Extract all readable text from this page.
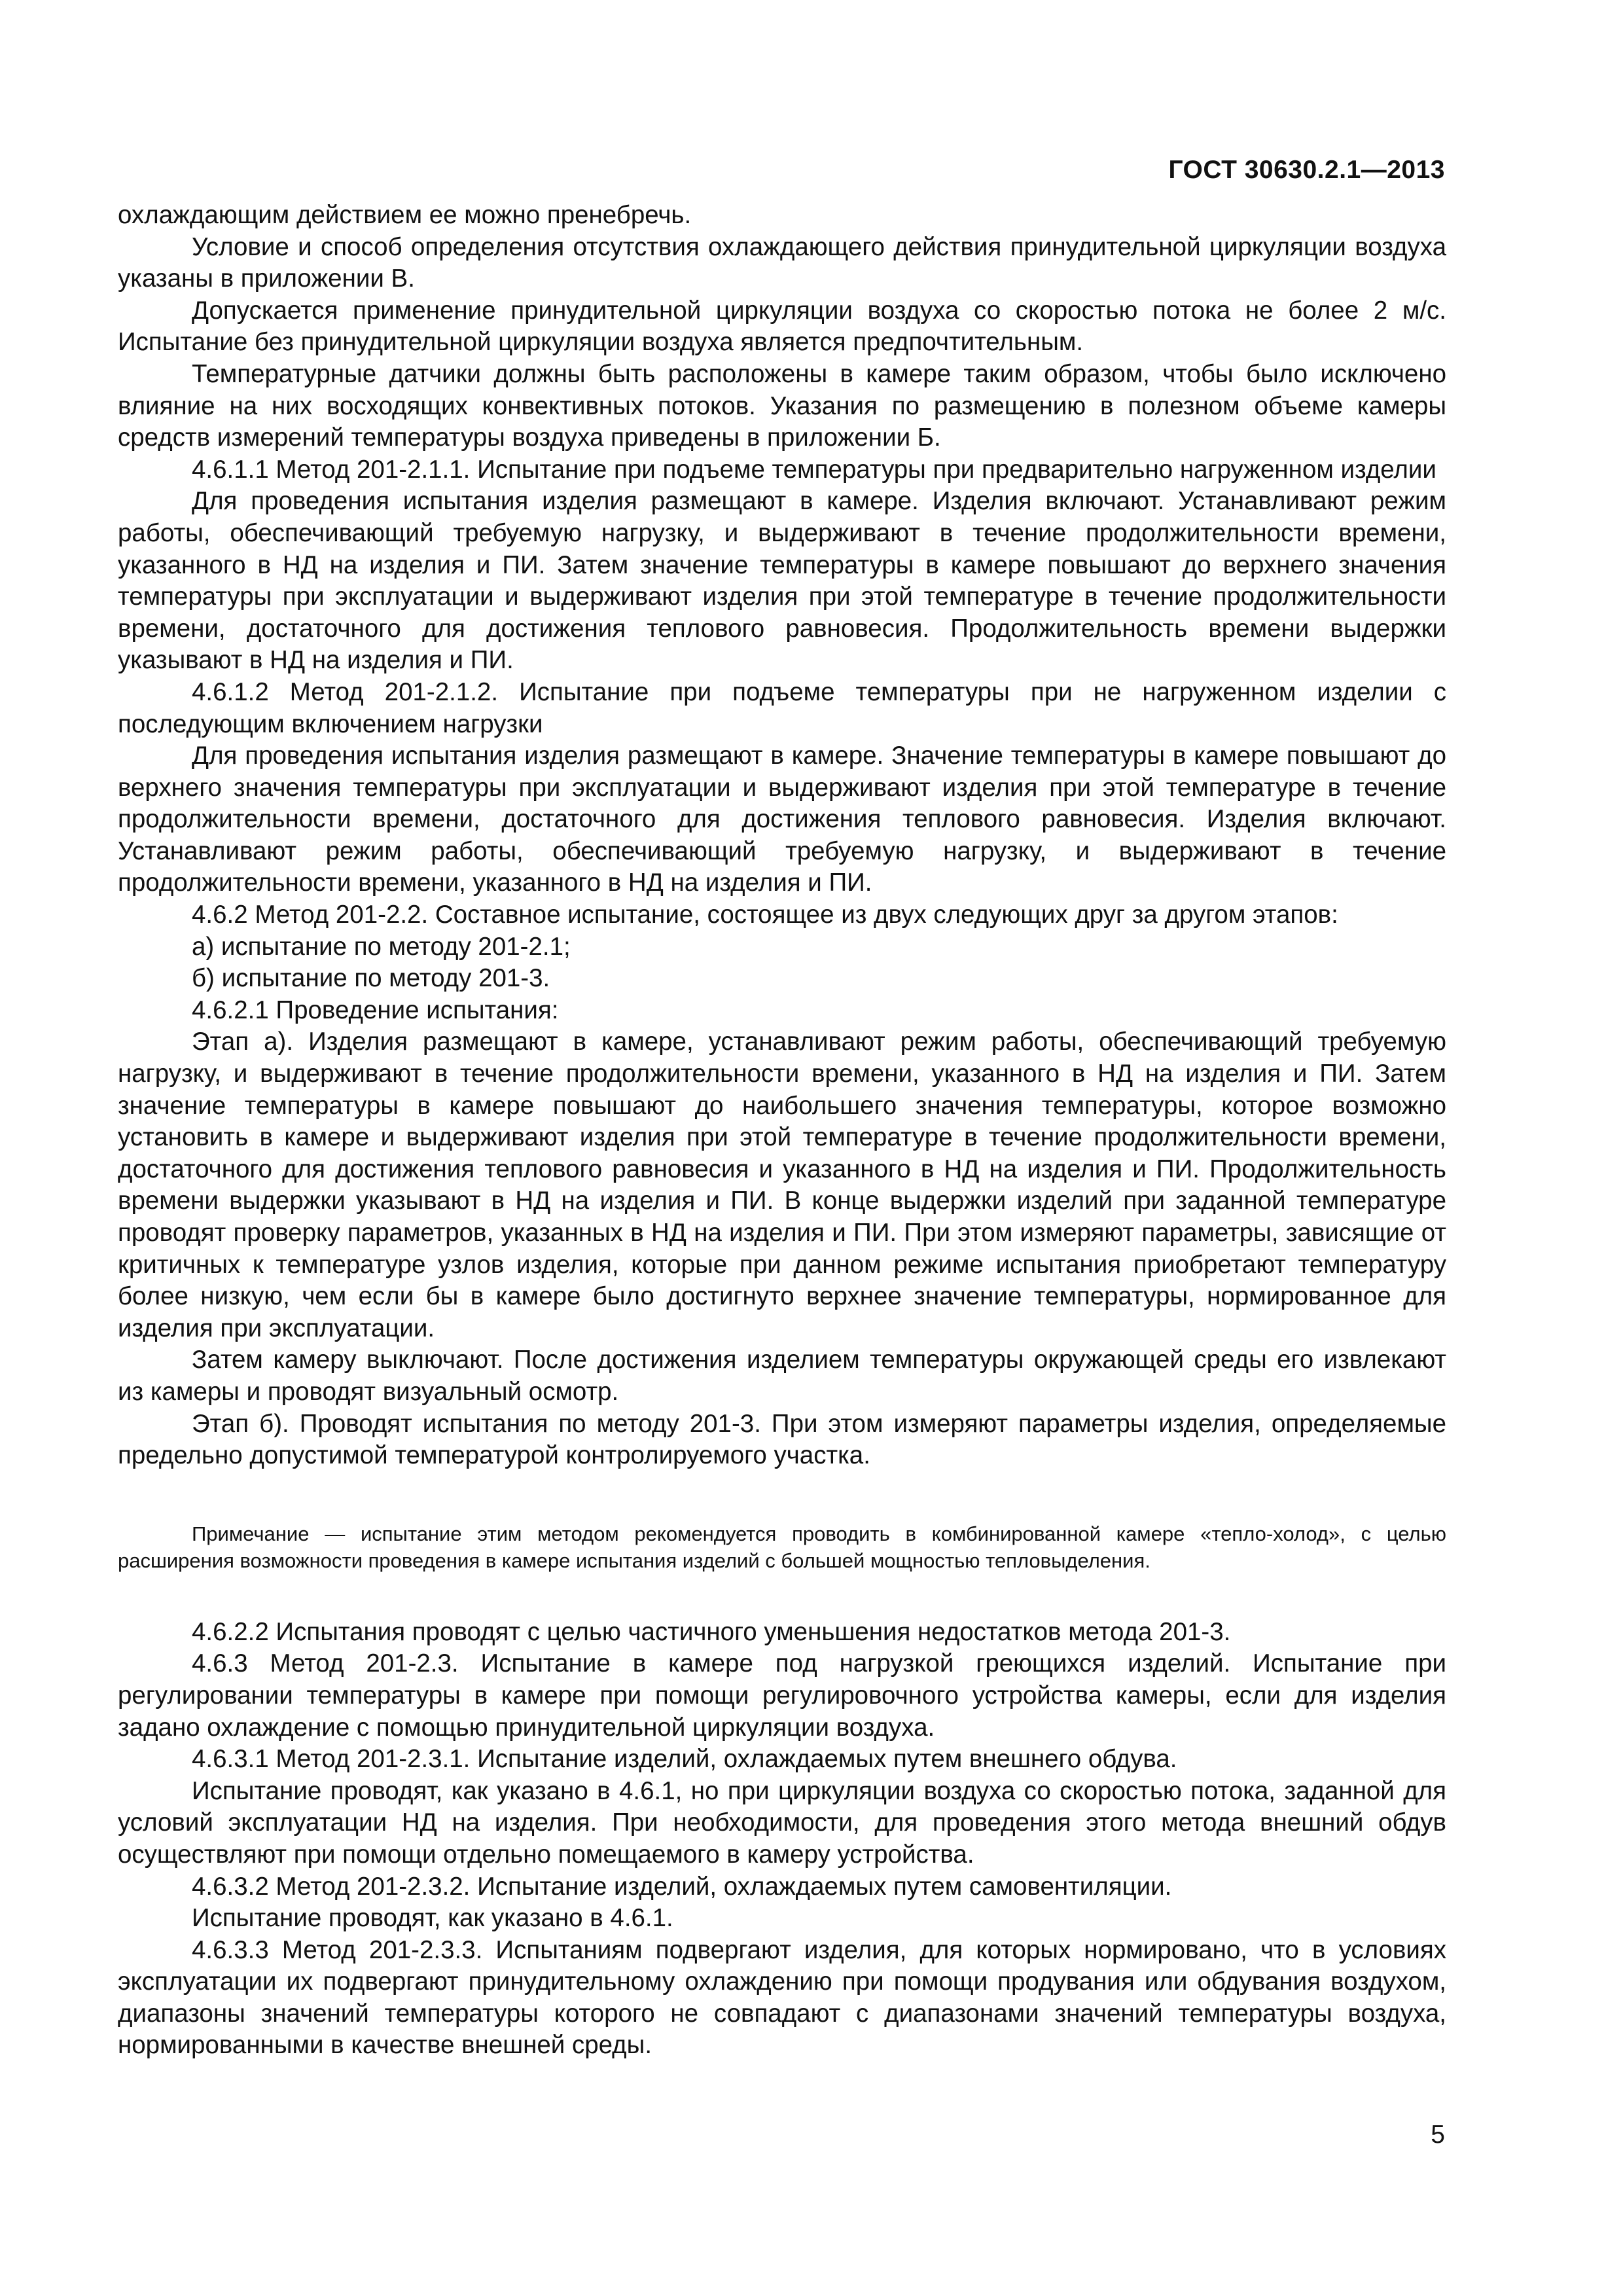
ГОСТ 30630.2.1—2013

охлаждающим действием ее можно пренебречь.

Условие и способ определения отсутствия охлаждающего действия принудительной циркуляции воздуха указаны в приложении В.

Допускается применение принудительной циркуляции воздуха со скоростью потока не более 2 м/с. Испытание без принудительной циркуляции воздуха является предпочтительным.

Температурные датчики должны быть расположены в камере таким образом, чтобы было исключено влияние на них восходящих конвективных потоков. Указания по размещению в полезном объеме камеры средств измерений температуры воздуха приведены в приложении Б.

4.6.1.1 Метод 201-2.1.1. Испытание при подъеме температуры при предварительно нагруженном изделии

Для проведения испытания изделия размещают в камере. Изделия включают. Устанавливают режим работы, обеспечивающий требуемую нагрузку, и выдерживают в течение продолжительности времени, указанного в НД на изделия и ПИ. Затем значение температуры в камере повышают до верхнего значения температуры при эксплуатации и выдерживают изделия при этой температуре в течение продолжительности времени, достаточного для достижения теплового равновесия. Продолжительность времени выдержки указывают в НД на изделия и ПИ.

4.6.1.2 Метод 201-2.1.2. Испытание при подъеме температуры при не нагруженном изделии с последующим включением нагрузки

Для проведения испытания изделия размещают в камере. Значение температуры в камере повышают до верхнего значения температуры при эксплуатации и выдерживают изделия при этой температуре в течение продолжительности времени, достаточного для достижения теплового равновесия. Изделия включают. Устанавливают режим работы, обеспечивающий требуемую нагрузку, и выдерживают в течение продолжительности времени, указанного в НД на изделия и ПИ.

4.6.2 Метод 201-2.2. Составное испытание, состоящее из двух следующих друг за другом этапов:

а) испытание по методу 201-2.1;

б) испытание по методу 201-3.

4.6.2.1 Проведение испытания:

Этап а). Изделия размещают в камере, устанавливают режим работы, обеспечивающий требуемую нагрузку, и выдерживают в течение продолжительности времени, указанного в НД на изделия и ПИ. Затем значение температуры в камере повышают до наибольшего значения температуры, которое возможно установить в камере и выдерживают изделия при этой температуре в течение продолжительности времени, достаточного для достижения теплового равновесия и указанного в НД на изделия и ПИ. Продолжительность времени выдержки указывают в НД на изделия и ПИ. В конце выдержки изделий при заданной температуре проводят проверку параметров, указанных в НД на изделия и ПИ. При этом измеряют параметры, зависящие от критичных к температуре узлов изделия, которые при данном режиме испытания приобретают температуру более низкую, чем если бы в камере было достигнуто верхнее значение температуры, нормированное для изделия при эксплуатации.

Затем камеру выключают. После достижения изделием температуры окружающей среды его извлекают из камеры и проводят визуальный осмотр.

Этап б). Проводят испытания по методу 201-3. При этом измеряют параметры изделия, определяемые предельно допустимой температурой контролируемого участка.

Примечание — испытание этим методом рекомендуется проводить в комбинированной камере «тепло-холод», с целью расширения возможности проведения в камере испытания изделий с большей мощностью тепловыделения.

4.6.2.2 Испытания проводят с целью частичного уменьшения недостатков метода 201-3.

4.6.3 Метод 201-2.3. Испытание в камере под нагрузкой греющихся изделий. Испытание при регулировании температуры в камере при помощи регулировочного устройства камеры, если для изделия задано охлаждение с помощью принудительной циркуляции воздуха.

4.6.3.1 Метод 201-2.3.1. Испытание изделий, охлаждаемых путем внешнего обдува.

Испытание проводят, как указано в 4.6.1, но при циркуляции воздуха со скоростью потока, заданной для условий эксплуатации НД на изделия. При необходимости, для проведения этого метода внешний обдув осуществляют при помощи отдельно помещаемого в камеру устройства.

4.6.3.2 Метод 201-2.3.2. Испытание изделий, охлаждаемых путем самовентиляции.

Испытание проводят, как указано в 4.6.1.

4.6.3.3 Метод 201-2.3.3. Испытаниям подвергают изделия, для которых нормировано, что в условиях эксплуатации их подвергают принудительному охлаждению при помощи продувания или обдувания воздухом, диапазоны значений температуры которого не совпадают с диапазонами значений температуры воздуха, нормированными в качестве внешней среды.

5
